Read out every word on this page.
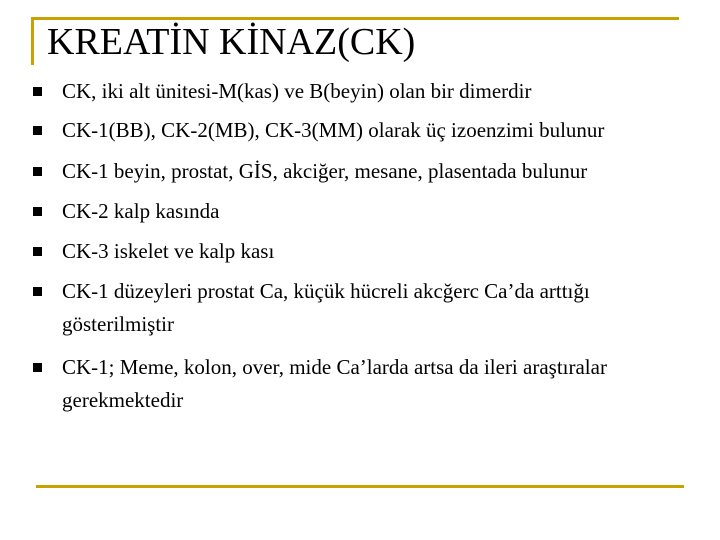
KREATİN KİNAZ(CK)
CK, iki alt ünitesi-M(kas) ve B(beyin) olan bir dimerdir
CK-1(BB), CK-2(MB), CK-3(MM) olarak üç izoenzimi bulunur
CK-1 beyin, prostat, GİS, akciğer, mesane, plasentada bulunur
CK-2 kalp kasında
CK-3 iskelet ve kalp kası
CK-1 düzeyleri prostat Ca, küçük hücreli akcğerc Ca’da arttığı
gösterilmiştir
CK-1; Meme, kolon, over, mide Ca’larda artsa da ileri araştıralar
gerekmektedir
